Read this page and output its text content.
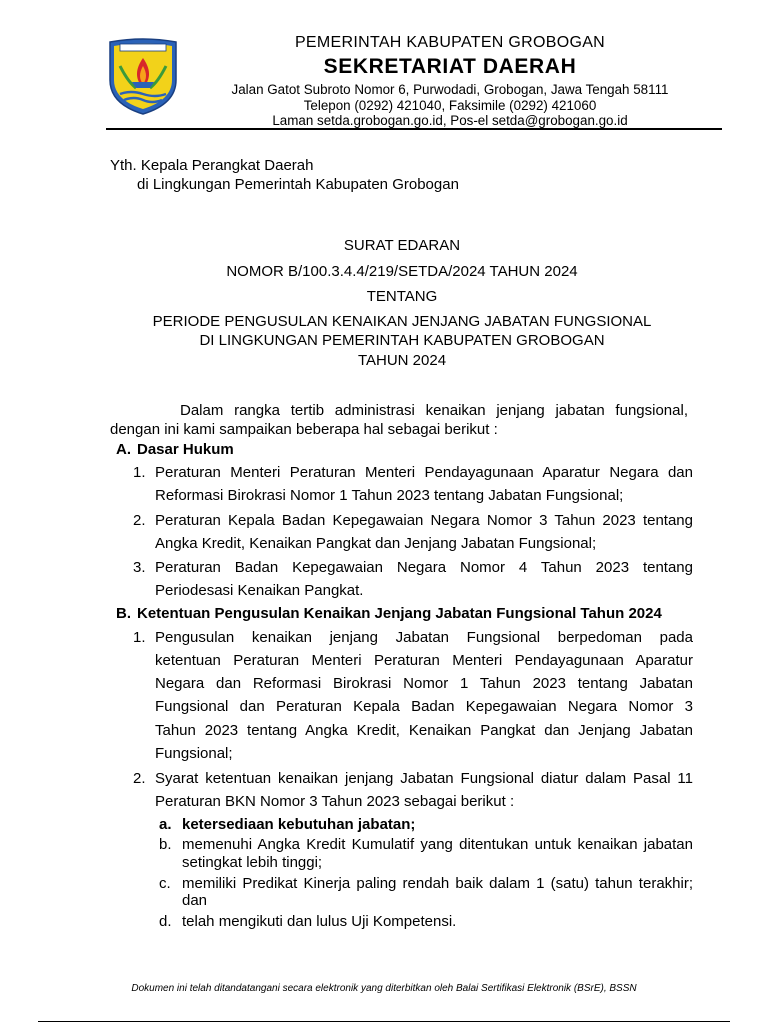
PEMERINTAH KABUPATEN GROBOGAN
SEKRETARIAT DAERAH
Jalan Gatot Subroto Nomor 6, Purwodadi, Grobogan, Jawa Tengah 58111
Telepon (0292) 421040, Faksimile (0292) 421060
Laman setda.grobogan.go.id, Pos-el setda@grobogan.go.id
Yth. Kepala Perangkat Daerah
di Lingkungan Pemerintah Kabupaten Grobogan
SURAT EDARAN
NOMOR B/100.3.4.4/219/SETDA/2024 TAHUN 2024
TENTANG
PERIODE PENGUSULAN KENAIKAN JENJANG JABATAN FUNGSIONAL
DI LINGKUNGAN PEMERINTAH KABUPATEN GROBOGAN
TAHUN 2024
Dalam rangka tertib administrasi kenaikan jenjang jabatan fungsional,
dengan ini kami sampaikan beberapa hal sebagai berikut :
A. Dasar Hukum
1. Peraturan Menteri Peraturan Menteri Pendayagunaan Aparatur Negara dan
Reformasi Birokrasi Nomor 1 Tahun 2023 tentang Jabatan Fungsional;
2. Peraturan Kepala Badan Kepegawaian Negara Nomor 3 Tahun 2023 tentang
Angka Kredit, Kenaikan Pangkat dan Jenjang Jabatan Fungsional;
3. Peraturan Badan Kepegawaian Negara Nomor 4 Tahun 2023 tentang
Periodesasi Kenaikan Pangkat.
B. Ketentuan Pengusulan Kenaikan Jenjang Jabatan Fungsional Tahun 2024
1. Pengusulan kenaikan jenjang Jabatan Fungsional berpedoman pada
ketentuan Peraturan Menteri Peraturan Menteri Pendayagunaan Aparatur
Negara dan Reformasi Birokrasi Nomor 1 Tahun 2023 tentang Jabatan
Fungsional dan Peraturan Kepala Badan Kepegawaian Negara Nomor 3
Tahun 2023 tentang Angka Kredit, Kenaikan Pangkat dan Jenjang Jabatan
Fungsional;
2. Syarat ketentuan kenaikan jenjang Jabatan Fungsional diatur dalam Pasal 11
Peraturan BKN Nomor 3 Tahun 2023 sebagai berikut :
a. ketersediaan kebutuhan jabatan;
b. memenuhi Angka Kredit Kumulatif yang ditentukan untuk kenaikan jabatan
setingkat lebih tinggi;
c. memiliki Predikat Kinerja paling rendah baik dalam 1 (satu) tahun terakhir;
dan
d. telah mengikuti dan lulus Uji Kompetensi.
Dokumen ini telah ditandatangani secara elektronik yang diterbitkan oleh Balai Sertifikasi Elektronik (BSrE), BSSN
